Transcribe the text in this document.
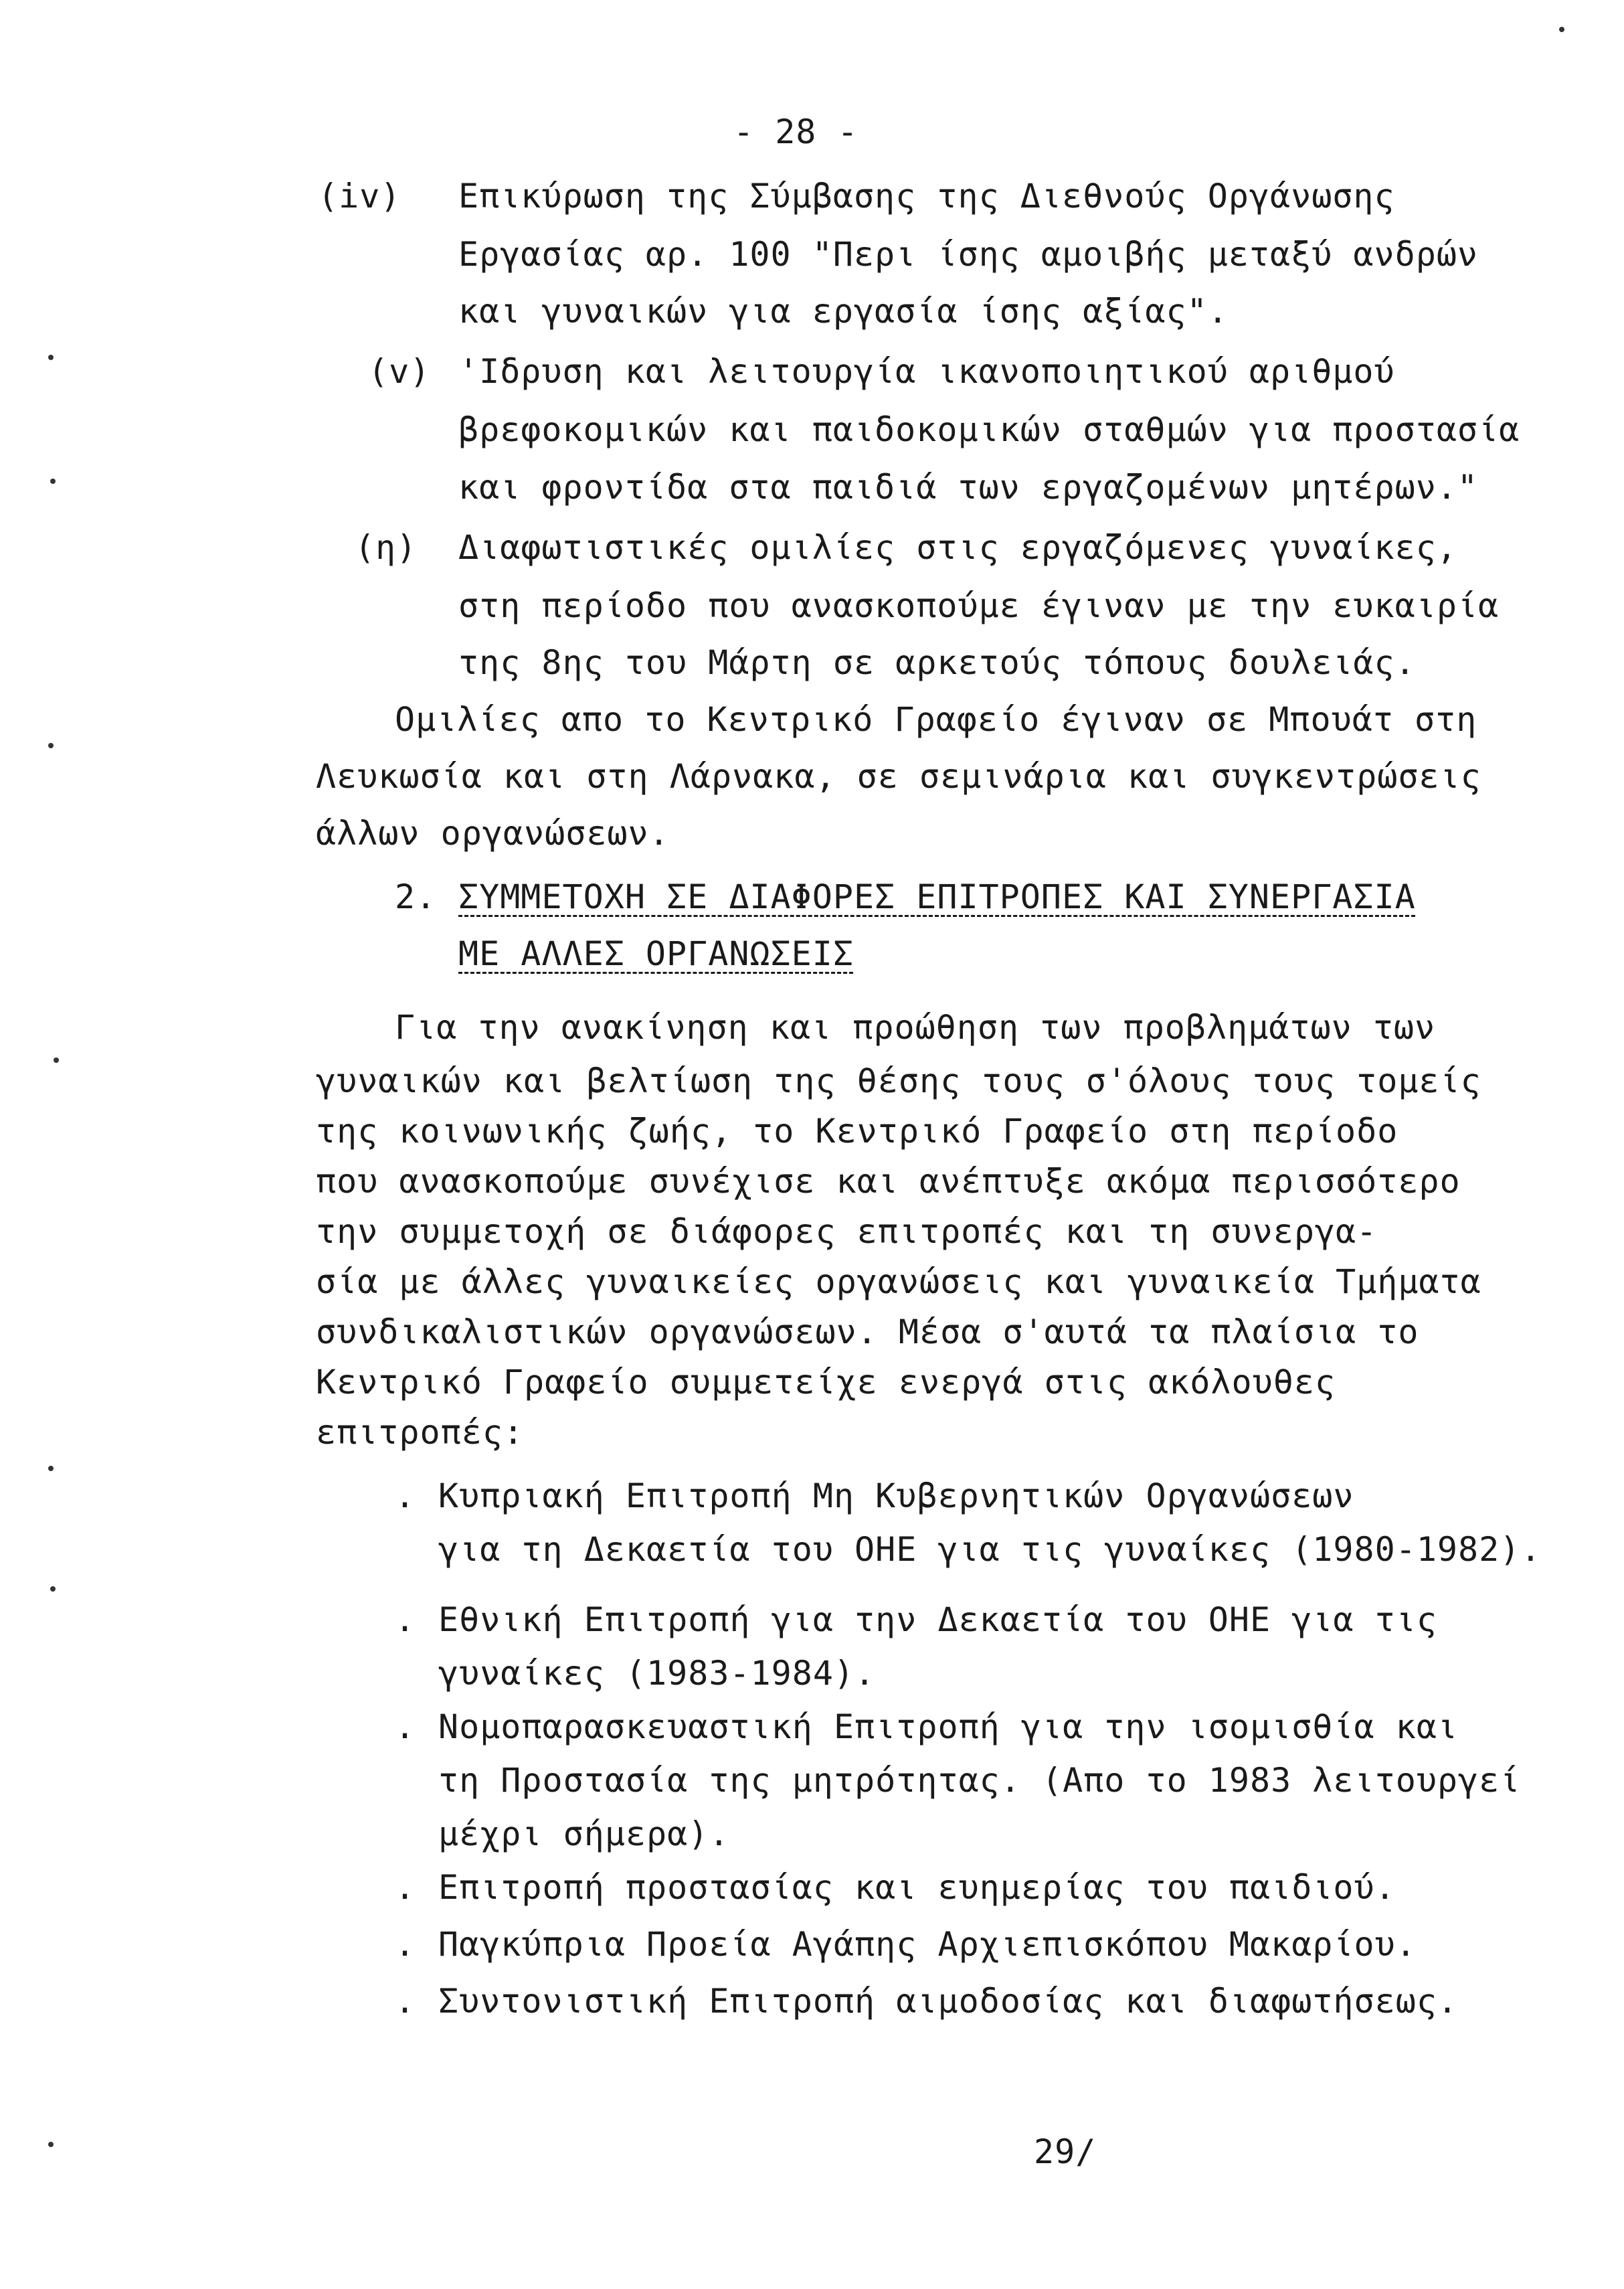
- 28 -
(iv) Επικύρωση της Σύμβασης της Διεθνούς Οργάνωσης
Εργασίας αρ. 100 "Περι ίσης αμοιβής μεταξύ ανδρών
και γυναικών για εργασία ίσης αξίας".
(v) 'Ιδρυση και λειτουργία ικανοποιητικού αριθμού
βρεφοκομικών και παιδοκομικών σταθμών για προστασία
και φροντίδα στα παιδιά των εργαζομένων μητέρων."
(η) Διαφωτιστικές ομιλίες στις εργαζόμενες γυναίκες,
στη περίοδο που ανασκοπούμε έγιναν με την ευκαιρία
της 8ης του Μάρτη σε αρκετούς τόπους δουλειάς.
Ομιλίες απο το Κεντρικό Γραφείο έγιναν σε Μπουάτ στη
Λευκωσία και στη Λάρνακα, σε σεμινάρια και συγκεντρώσεις
άλλων οργανώσεων.
2. ΣΥΜΜΕΤΟΧΗ ΣΕ ΔΙΑΦΟΡΕΣ ΕΠΙΤΡΟΠΕΣ ΚΑΙ ΣΥΝΕΡΓΑΣΙΑ
ΜΕ ΑΛΛΕΣ ΟΡΓΑΝΩΣΕΙΣ
Για την ανακίνηση και προώθηση των προβλημάτων των
γυναικών και βελτίωση της θέσης τους σ'όλους τους τομείς
της κοινωνικής ζωής, το Κεντρικό Γραφείο στη περίοδο
που ανασκοπούμε συνέχισε και ανέπτυξε ακόμα περισσότερο
την συμμετοχή σε διάφορες επιτροπές και τη συνεργα-
σία με άλλες γυναικείες οργανώσεις και γυναικεία Τμήματα
συνδικαλιστικών οργανώσεων. Μέσα σ'αυτά τα πλαίσια το
Κεντρικό Γραφείο συμμετείχε ενεργά στις ακόλουθες
επιτροπές:
. Κυπριακή Επιτροπή Μη Κυβερνητικών Οργανώσεων
για τη Δεκαετία του ΟΗΕ για τις γυναίκες (1980-1982).
. Εθνική Επιτροπή για την Δεκαετία του ΟΗΕ για τις
γυναίκες (1983-1984).
. Νομοπαρασκευαστική Επιτροπή για την ισομισθία και
τη Προστασία της μητρότητας. (Απο το 1983 λειτουργεί
μέχρι σήμερα).
. Επιτροπή προστασίας και ευημερίας του παιδιού.
. Παγκύπρια Προεία Αγάπης Αρχιεπισκόπου Μακαρίου.
. Συντονιστική Επιτροπή αιμοδοσίας και διαφωτήσεως.
29/
